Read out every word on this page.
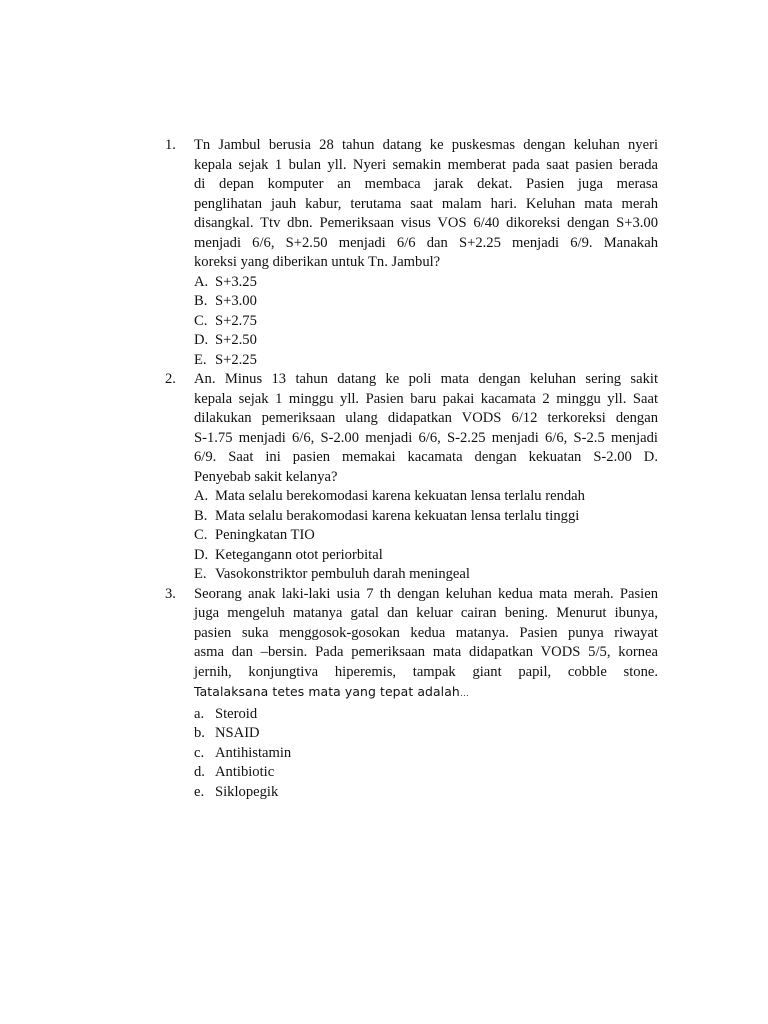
1. Tn Jambul berusia 28 tahun datang ke puskesmas dengan keluhan nyeri
kepala sejak 1 bulan yll. Nyeri semakin memberat pada saat pasien berada
di depan komputer an membaca jarak dekat. Pasien juga merasa
penglihatan jauh kabur, terutama saat malam hari. Keluhan mata merah
disangkal. Ttv dbn. Pemeriksaan visus VOS 6/40 dikoreksi dengan S+3.00
menjadi 6/6, S+2.50 menjadi 6/6 dan S+2.25 menjadi 6/9. Manakah
koreksi yang diberikan untuk Tn. Jambul?
A. S+3.25
B. S+3.00
C. S+2.75
D. S+2.50
E. S+2.25
2. An. Minus 13 tahun datang ke poli mata dengan keluhan sering sakit
kepala sejak 1 minggu yll. Pasien baru pakai kacamata 2 minggu yll. Saat
dilakukan pemeriksaan ulang didapatkan VODS 6/12 terkoreksi dengan
S-1.75 menjadi 6/6, S-2.00 menjadi 6/6, S-2.25 menjadi 6/6, S-2.5 menjadi
6/9. Saat ini pasien memakai kacamata dengan kekuatan S-2.00 D.
Penyebab sakit kelanya?
A. Mata selalu berekomodasi karena kekuatan lensa terlalu rendah
B. Mata selalu berakomodasi karena kekuatan lensa terlalu tinggi
C. Peningkatan TIO
D. Ketegangann otot periorbital
E. Vasokonstriktor pembuluh darah meningeal
3. Seorang anak laki-laki usia 7 th dengan keluhan kedua mata merah. Pasien
juga mengeluh matanya gatal dan keluar cairan bening. Menurut ibunya,
pasien suka menggosok-gosokan kedua matanya. Pasien punya riwayat
asma dan –bersin. Pada pemeriksaan mata didapatkan VODS 5/5, kornea
jernih, konjungtiva hiperemis, tampak giant papil, cobble stone.
Tatalaksana tetes mata yang tepat adalah…
a. Steroid
b. NSAID
c. Antihistamin
d. Antibiotic
e. Siklopegik
